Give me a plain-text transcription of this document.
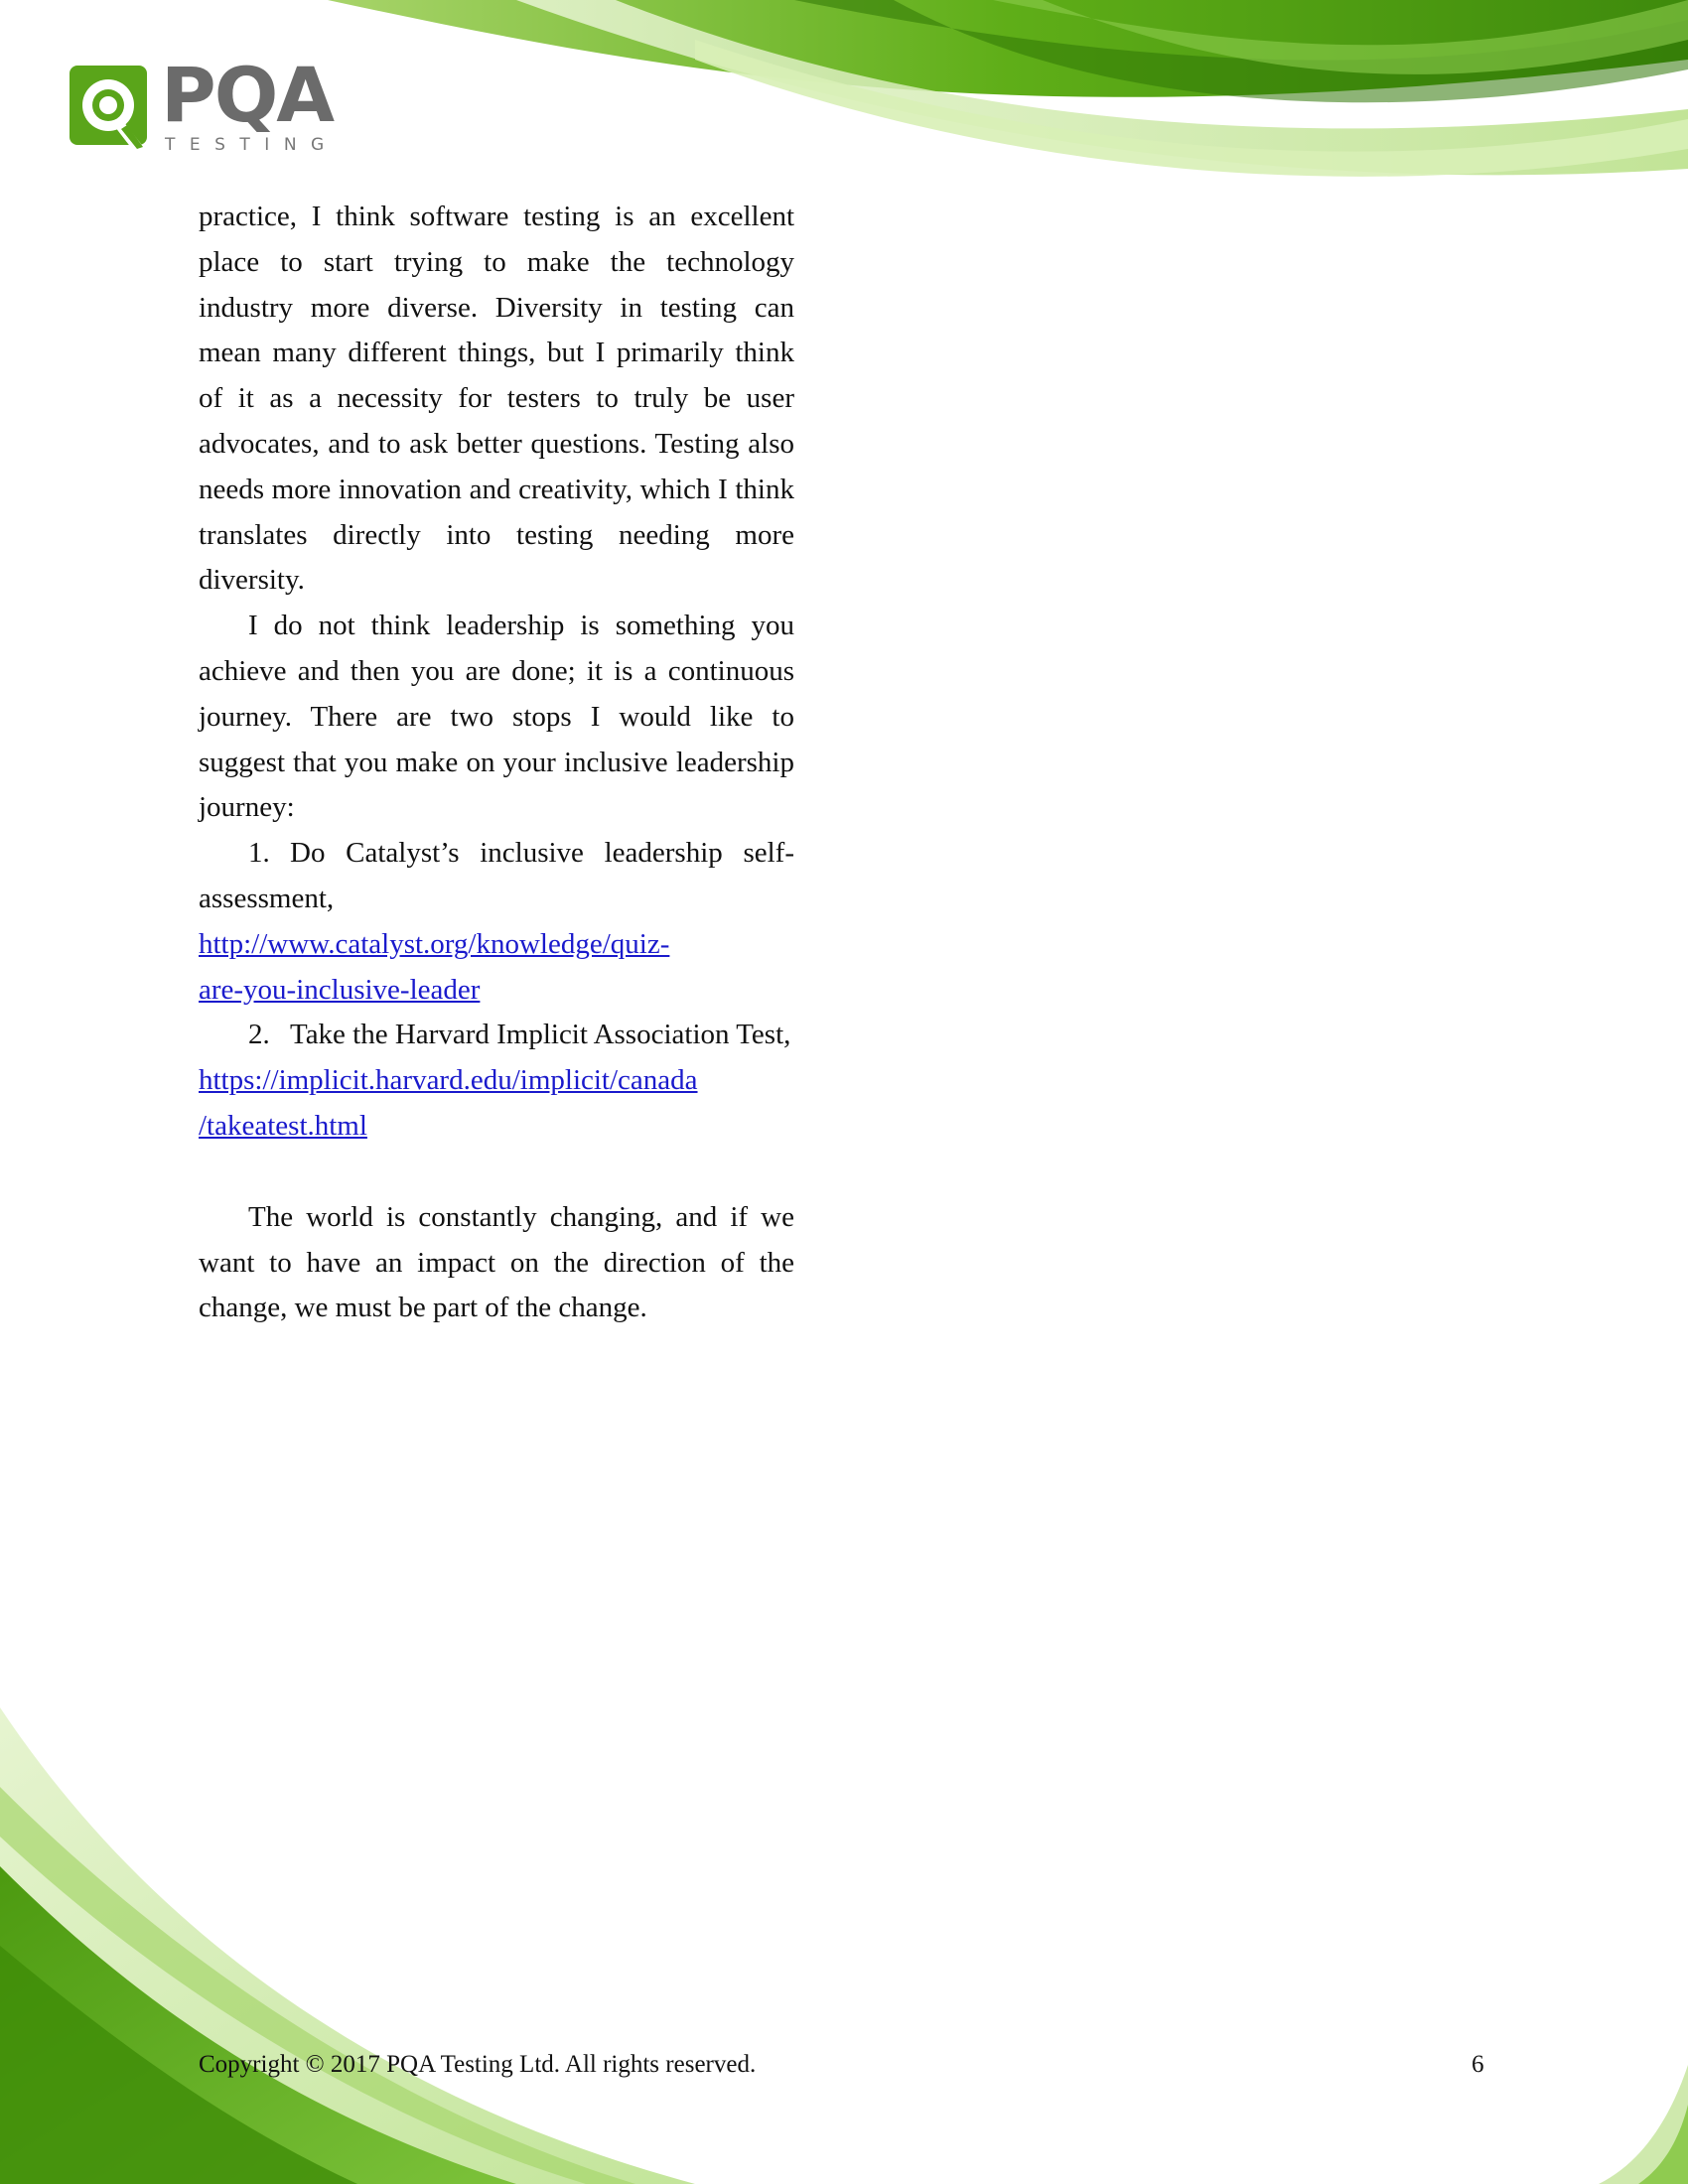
PQA
TESTING

practice, I think software testing is an excellent place to start trying to make the technology industry more diverse. Diversity in testing can mean many different things, but I primarily think of it as a necessity for testers to truly be user advocates, and to ask better questions. Testing also needs more innovation and creativity, which I think translates directly into testing needing more diversity.

I do not think leadership is something you achieve and then you are done; it is a continuous journey. There are two stops I would like to suggest that you make on your inclusive leadership journey:

1. Do Catalyst’s inclusive leadership self-assessment,

http://www.catalyst.org/knowledge/quiz-
are-you-inclusive-leader

2. Take the Harvard Implicit Association Test,

https://implicit.harvard.edu/implicit/canada
/takeatest.html

The world is constantly changing, and if we want to have an impact on the direction of the change, we must be part of the change.

Copyright © 2017 PQA Testing Ltd. All rights reserved.	6
